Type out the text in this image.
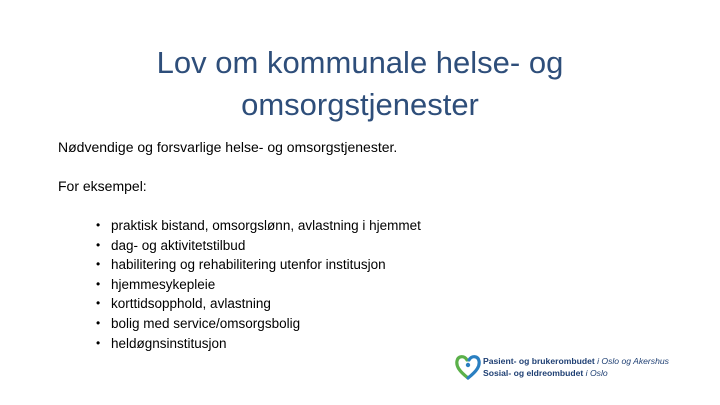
Lov om kommunale helse- og omsorgstjenester
Nødvendige og forsvarlige helse- og omsorgstjenester.
For eksempel:
• praktisk bistand, omsorgslønn, avlastning i hjemmet
• dag- og aktivitetstilbud
• habilitering og rehabilitering utenfor institusjon
• hjemmesykepleie
• korttidsopphold, avlastning
• bolig med service/omsorgsbolig
• heldøgnsinstitusjon
Pasient- og brukerombudet i Oslo og Akershus
Sosial- og eldreombudet i Oslo
